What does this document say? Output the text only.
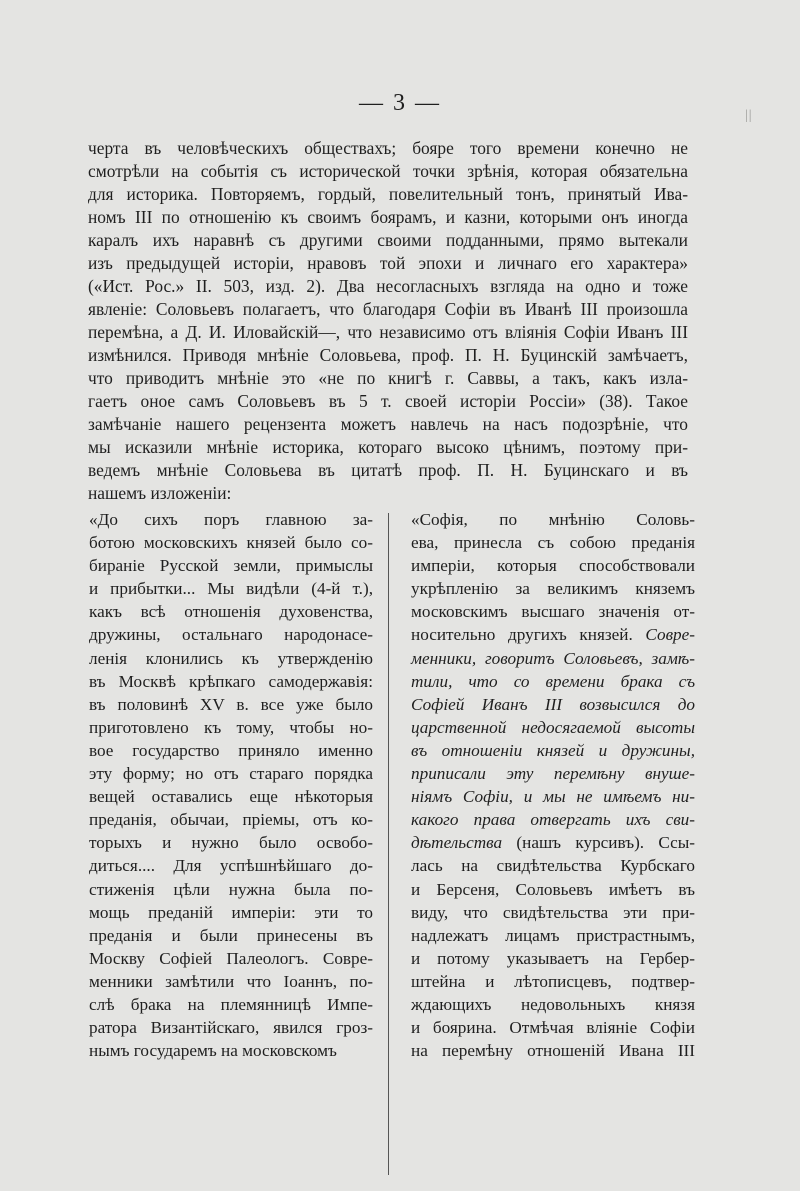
— 3 —	||
черта въ человѣческихъ обществахъ; бояре того времени конечно не
смотрѣли на событія съ исторической точки зрѣнія, которая обязательна
для историка. Повторяемъ, гордый, повелительный тонъ, принятый Ива-
номъ III по отношенію къ своимъ боярамъ, и казни, которыми онъ иногда
каралъ ихъ наравнѣ съ другими своими подданными, прямо вытекали
изъ предыдущей исторіи, нравовъ той эпохи и личнаго его характера»
(«Ист. Рос.» II. 503, изд. 2). Два несогласныхъ взгляда на одно и тоже
явленіе: Соловьевъ полагаетъ, что благодаря Софіи въ Иванѣ III произошла
перемѣна, а Д. И. Иловайскій—, что независимо отъ вліянія Софіи Иванъ III
измѣнился. Приводя мнѣніе Соловьева, проф. П. Н. Буцинскій замѣчаетъ,
что приводитъ мнѣніе это «не по книгѣ г. Саввы, а такъ, какъ изла-
гаетъ оное самъ Соловьевъ въ 5 т. своей исторіи Россіи» (38). Такое
замѣчаніе нашего рецензента можетъ навлечь на насъ подозрѣніе, что
мы исказили мнѣніе историка, котораго высоко цѣнимъ, поэтому при-
ведемъ мнѣніе Соловьева въ цитатѣ проф. П. Н. Буцинскаго и въ
нашемъ изложеніи:
«До сихъ поръ главною за-
ботою московскихъ князей было со-
бираніе Русской земли, примыслы
и прибытки... Мы видѣли (4-й т.),
какъ всѣ отношенія духовенства,
дружины, остальнаго народонасе-
ленія клонились къ утвержденію
въ Москвѣ крѣпкаго самодержавія:
въ половинѣ XV в. все уже было
приготовлено къ тому, чтобы но-
вое государство приняло именно
эту форму; но отъ стараго порядка
вещей оставались еще нѣкоторыя
преданія, обычаи, пріемы, отъ ко-
торыхъ и нужно было освобо-
диться.... Для успѣшнѣйшаго до-
стиженія цѣли нужна была по-
мощь преданій имперіи: эти то
преданія и были принесены въ
Москву Софіей Палеологъ. Совре-
менники замѣтили что Іоаннъ, по-
слѣ брака на племянницѣ Импе-
ратора Византійскаго, явился гроз-
нымъ государемъ на московскомъ
«Софія, по мнѣнію Соловь-
ева, принесла съ собою преданія
имперіи, которыя способствовали
укрѣпленію за великимъ княземъ
московскимъ высшаго значенія от-
носительно другихъ князей. Совре-
менники, говоритъ Соловьевъ, замѣ-
тили, что со времени брака съ
Софіей Иванъ III возвысился до
царственной недосягаемой высоты
въ отношеніи князей и дружины,
приписали эту перемѣну внуше-
ніямъ Софіи, и мы не имѣемъ ни-
какого права отвергать ихъ сви-
дѣтельства (нашъ курсивъ). Ссы-
лась на свидѣтельства Курбскаго
и Берсеня, Соловьевъ имѣетъ въ
виду, что свидѣтельства эти при-
надлежатъ лицамъ пристрастнымъ,
и потому указываетъ на Гербер-
штейна и лѣтописцевъ, подтвер-
ждающихъ недовольныхъ князя
и боярина. Отмѣчая вліяніе Софіи
на перемѣну отношеній Ивана III
